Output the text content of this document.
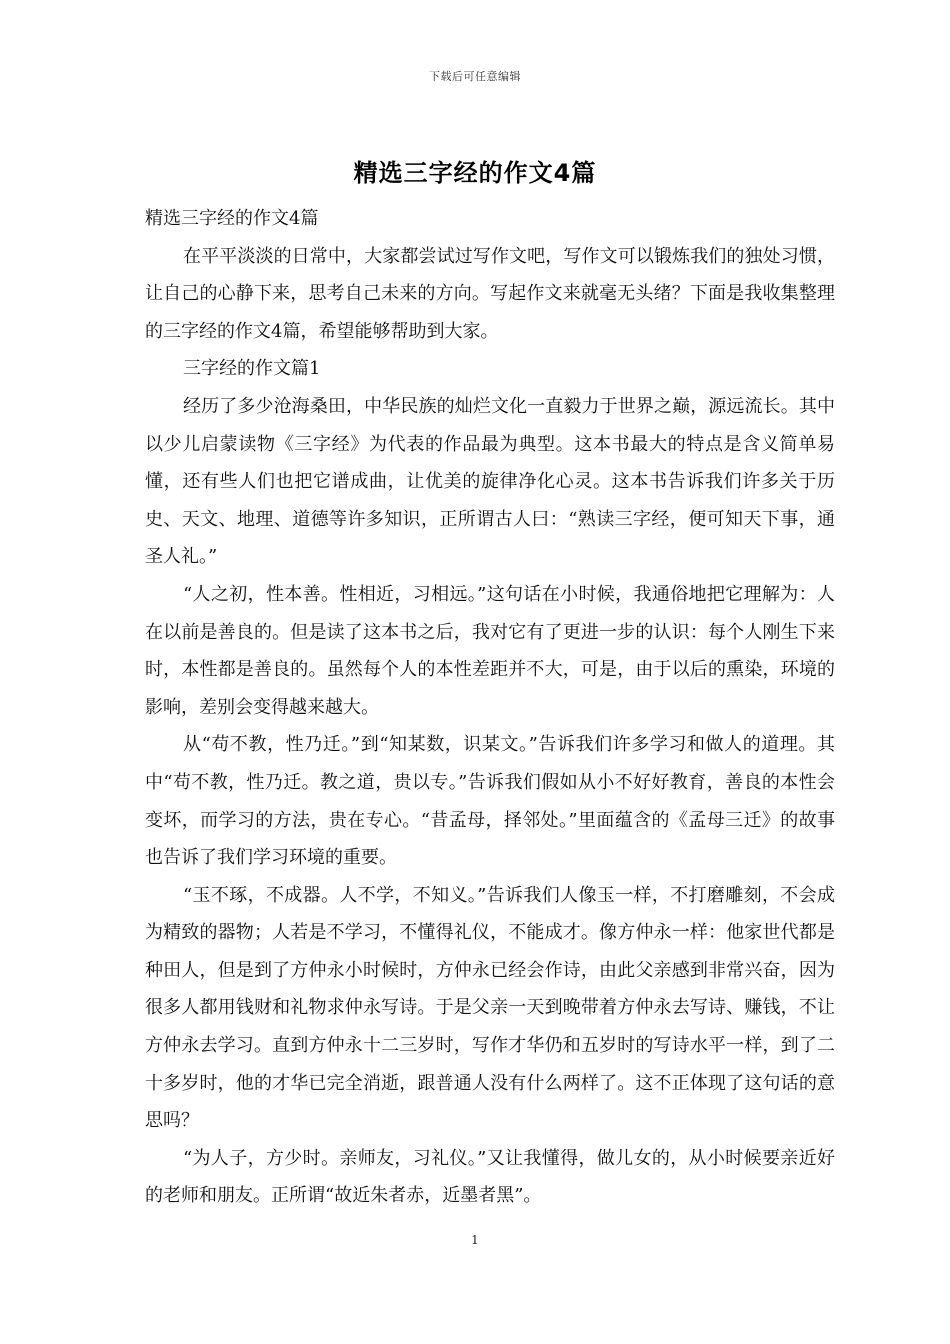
下载后可任意编辑
精选三字经的作文4篇

精选三字经的作文4篇

在平平淡淡的日常中，大家都尝试过写作文吧，写作文可以锻炼我们的独处习惯，让自己的心静下来，思考自己未来的方向。写起作文来就毫无头绪？下面是我收集整理的三字经的作文4篇，希望能够帮助到大家。

三字经的作文篇1

经历了多少沧海桑田，中华民族的灿烂文化一直毅力于世界之巅，源远流长。其中以少儿启蒙读物《三字经》为代表的作品最为典型。这本书最大的特点是含义简单易懂，还有些人们也把它谱成曲，让优美的旋律净化心灵。这本书告诉我们许多关于历史、天文、地理、道德等许多知识，正所谓古人曰：“熟读三字经，便可知天下事，通圣人礼。”

“人之初，性本善。性相近，习相远。”这句话在小时候，我通俗地把它理解为：人在以前是善良的。但是读了这本书之后，我对它有了更进一步的认识：每个人刚生下来时，本性都是善良的。虽然每个人的本性差距并不大，可是，由于以后的熏染，环境的影响，差别会变得越来越大。

从“苟不教，性乃迁。”到“知某数，识某文。”告诉我们许多学习和做人的道理。其中“苟不教，性乃迁。教之道，贵以专。”告诉我们假如从小不好好教育，善良的本性会变坏，而学习的方法，贵在专心。“昔孟母，择邻处。”里面蕴含的《孟母三迁》的故事也告诉了我们学习环境的重要。

“玉不琢，不成器。人不学，不知义。”告诉我们人像玉一样，不打磨雕刻，不会成为精致的器物；人若是不学习，不懂得礼仪，不能成才。像方仲永一样：他家世代都是种田人，但是到了方仲永小时候时，方仲永已经会作诗，由此父亲感到非常兴奋，因为很多人都用钱财和礼物求仲永写诗。于是父亲一天到晚带着方仲永去写诗、赚钱，不让方仲永去学习。直到方仲永十二三岁时，写作才华仍和五岁时的写诗水平一样，到了二十多岁时，他的才华已完全消逝，跟普通人没有什么两样了。这不正体现了这句话的意思吗？

“为人子，方少时。亲师友，习礼仪。”又让我懂得，做儿女的，从小时候要亲近好的老师和朋友。正所谓“故近朱者赤，近墨者黑”。

1
